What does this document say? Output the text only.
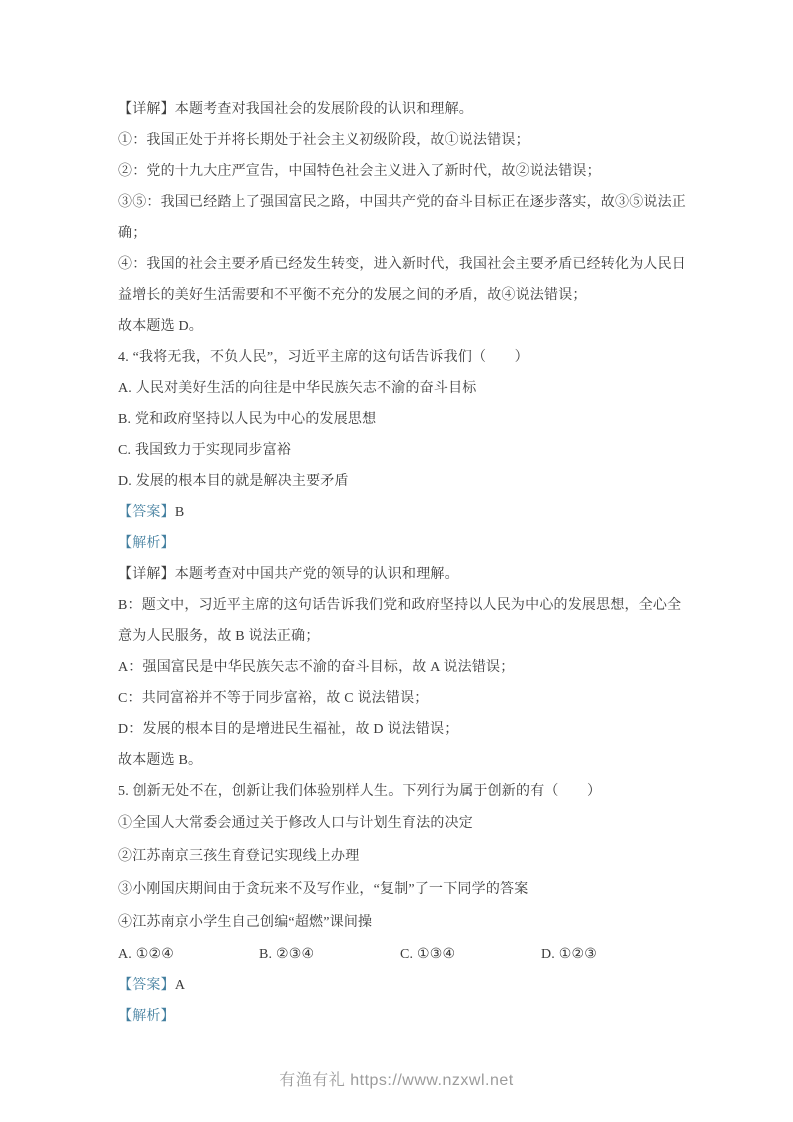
【详解】本题考查对我国社会的发展阶段的认识和理解。

①：我国正处于并将长期处于社会主义初级阶段，故①说法错误；

②：党的十九大庄严宣告，中国特色社会主义进入了新时代，故②说法错误；

③⑤：我国已经踏上了强国富民之路，中国共产党的奋斗目标正在逐步落实，故③⑤说法正

确；

④：我国的社会主要矛盾已经发生转变，进入新时代，我国社会主要矛盾已经转化为人民日

益增长的美好生活需要和不平衡不充分的发展之间的矛盾，故④说法错误；

故本题选 D。

4. “我将无我，不负人民”，习近平主席的这句话告诉我们（　　）

A. 人民对美好生活的向往是中华民族矢志不渝的奋斗目标

B. 党和政府坚持以人民为中心的发展思想

C. 我国致力于实现同步富裕

D. 发展的根本目的就是解决主要矛盾

【答案】B

【解析】

【详解】本题考查对中国共产党的领导的认识和理解。

B：题文中，习近平主席的这句话告诉我们党和政府坚持以人民为中心的发展思想，全心全

意为人民服务，故 B 说法正确；

A：强国富民是中华民族矢志不渝的奋斗目标，故 A 说法错误；

C：共同富裕并不等于同步富裕，故 C 说法错误；

D：发展的根本目的是增进民生福祉，故 D 说法错误；

故本题选 B。

5. 创新无处不在，创新让我们体验别样人生。下列行为属于创新的有（　　）

①全国人大常委会通过关于修改人口与计划生育法的决定

②江苏南京三孩生育登记实现线上办理

③小刚国庆期间由于贪玩来不及写作业，“复制”了一下同学的答案

④江苏南京小学生自己创编“超燃”课间操

A. ①②④	B. ②③④	C. ①③④	D. ①②③

【答案】A

【解析】

有渔有礼 https://www.nzxwl.net
